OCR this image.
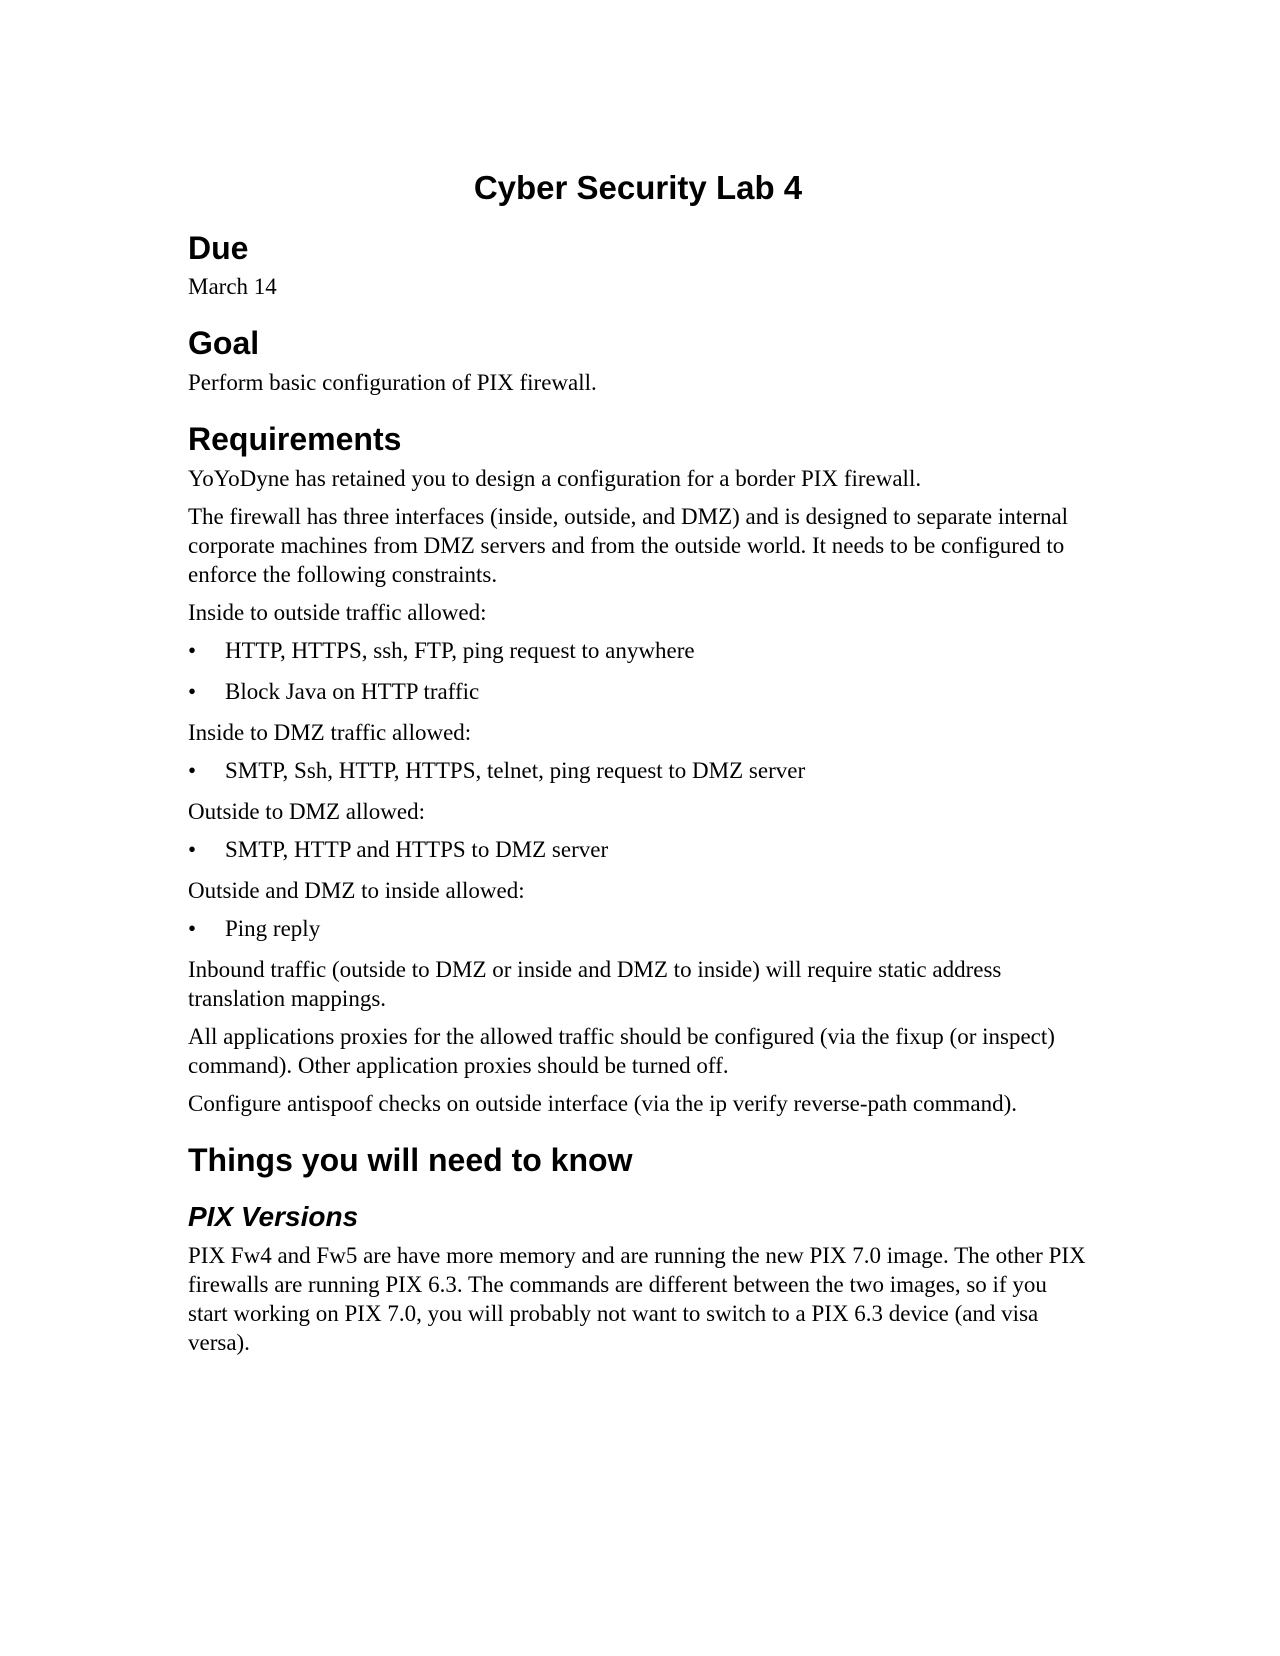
Cyber Security Lab 4
Due

March 14

Goal

Perform basic configuration of PIX firewall.

Requirements

YoYoDyne has retained you to design a configuration for a border PIX firewall.

The firewall has three interfaces (inside, outside, and DMZ) and is designed to separate internal corporate machines from DMZ servers and from the outside world. It needs to be configured to enforce the following constraints.

Inside to outside traffic allowed:

•	HTTP, HTTPS, ssh, FTP, ping request to anywhere
•	Block Java on HTTP traffic

Inside to DMZ traffic allowed:

•	SMTP, Ssh, HTTP, HTTPS, telnet, ping request to DMZ server

Outside to DMZ allowed:

•	SMTP, HTTP and HTTPS to DMZ server

Outside and DMZ to inside allowed:

•	Ping reply

Inbound traffic (outside to DMZ or inside and DMZ to inside) will require static address translation mappings.

All applications proxies for the allowed traffic should be configured (via the fixup (or inspect) command). Other application proxies should be turned off.

Configure antispoof checks on outside interface (via the ip verify reverse-path command).

Things you will need to know
PIX Versions

PIX Fw4 and Fw5 are have more memory and are running the new PIX 7.0 image. The other PIX firewalls are running PIX 6.3. The commands are different between the two images, so if you start working on PIX 7.0, you will probably not want to switch to a PIX 6.3 device (and visa versa).
